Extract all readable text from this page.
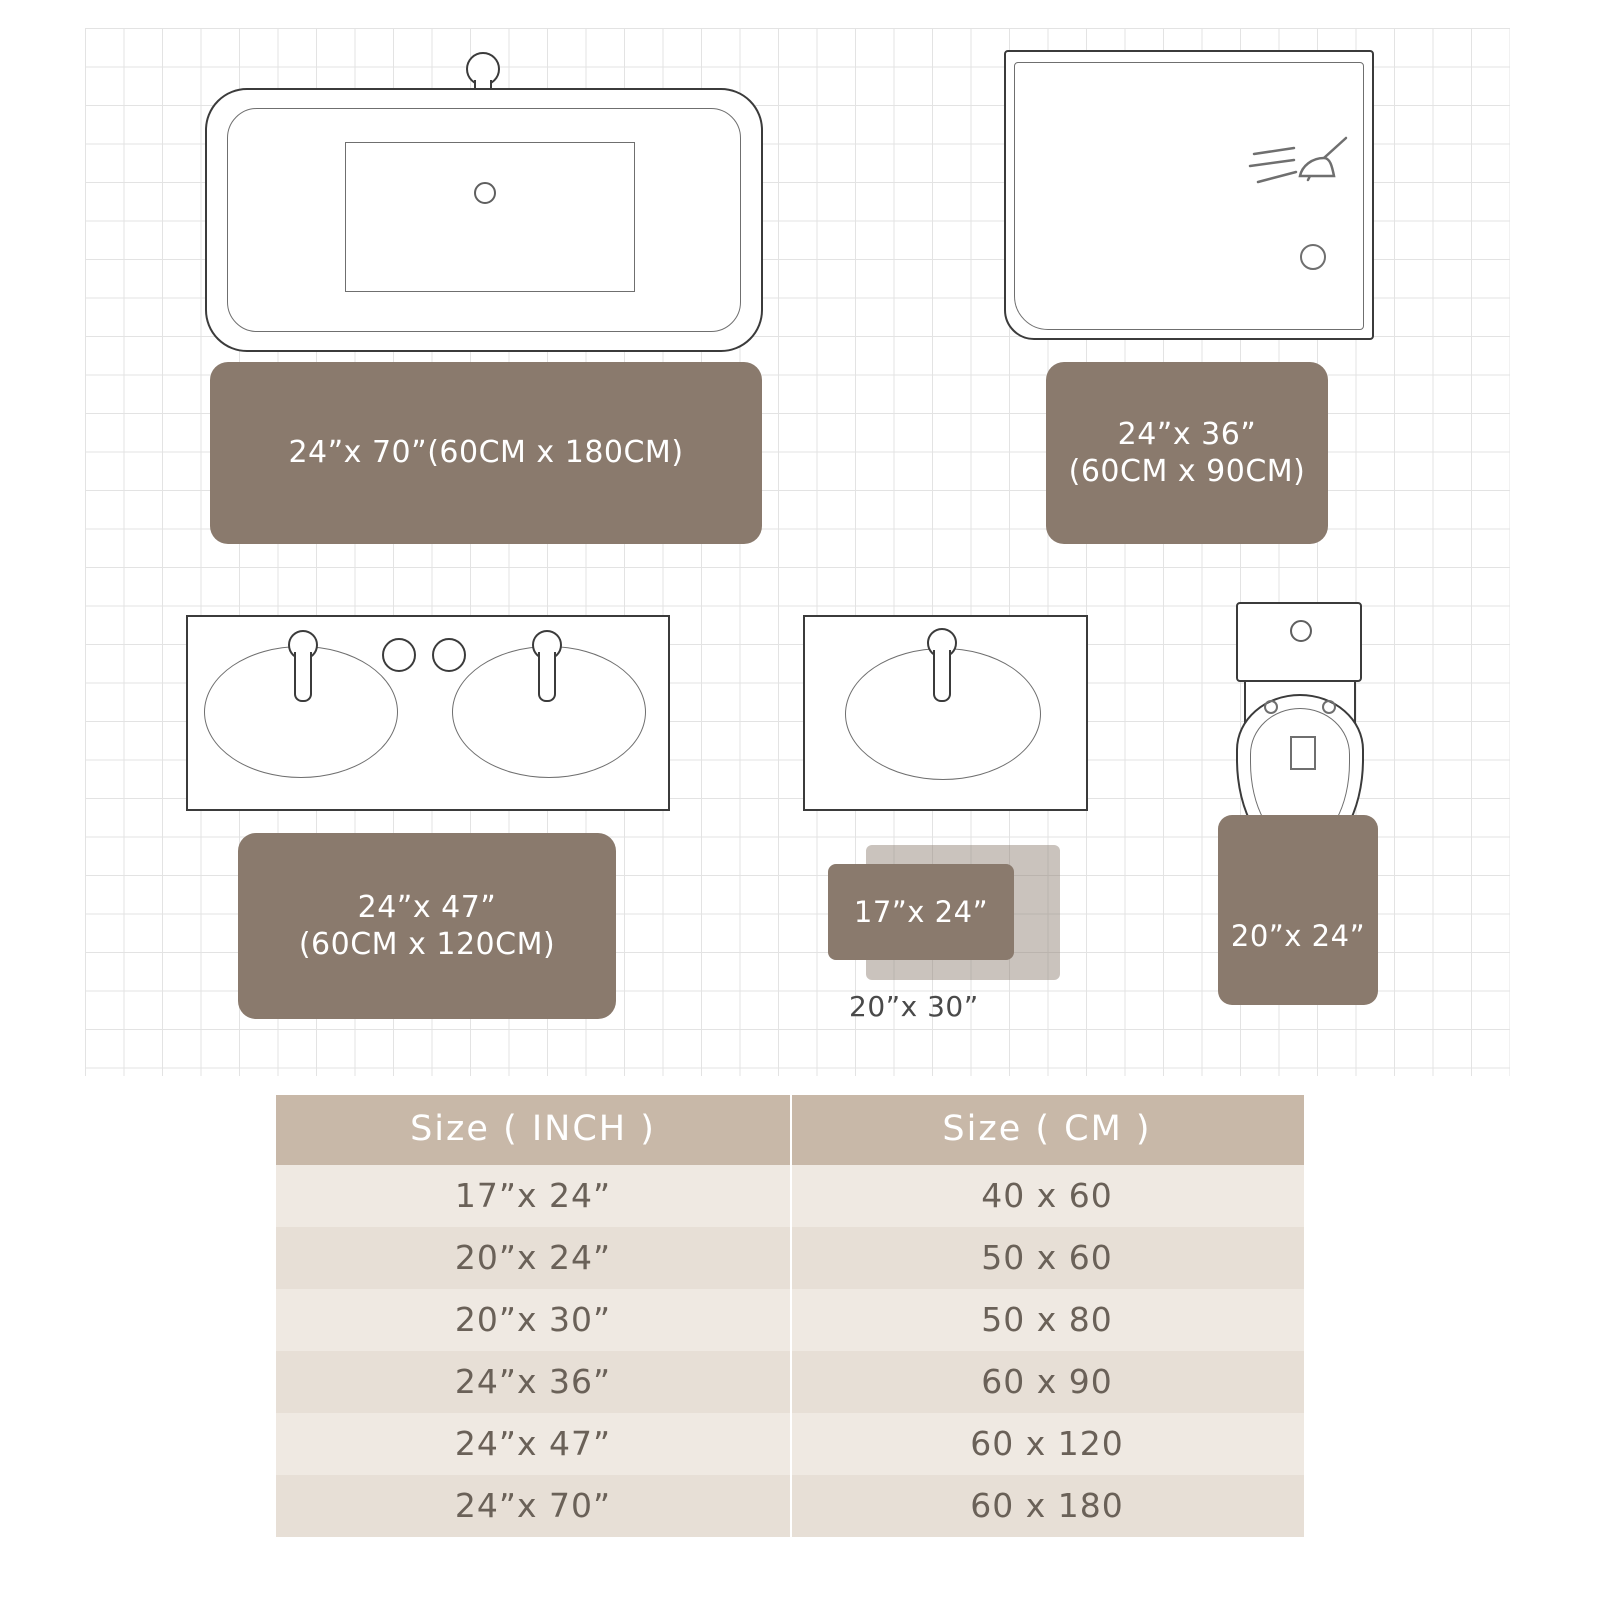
24”x 70”(60CM x 180CM)
24”x 36”
(60CM x 90CM)
24”x 47”
(60CM x 120CM)
20”x 30”
17”x 24”
20”x 24”
Size ( INCH )	Size ( CM )
17”x 24”	40 x 60
20”x 24”	50 x 60
20”x 30”	50 x 80
24”x 36”	60 x 90
24”x 47”	60 x 120
24”x 70”	60 x 180
